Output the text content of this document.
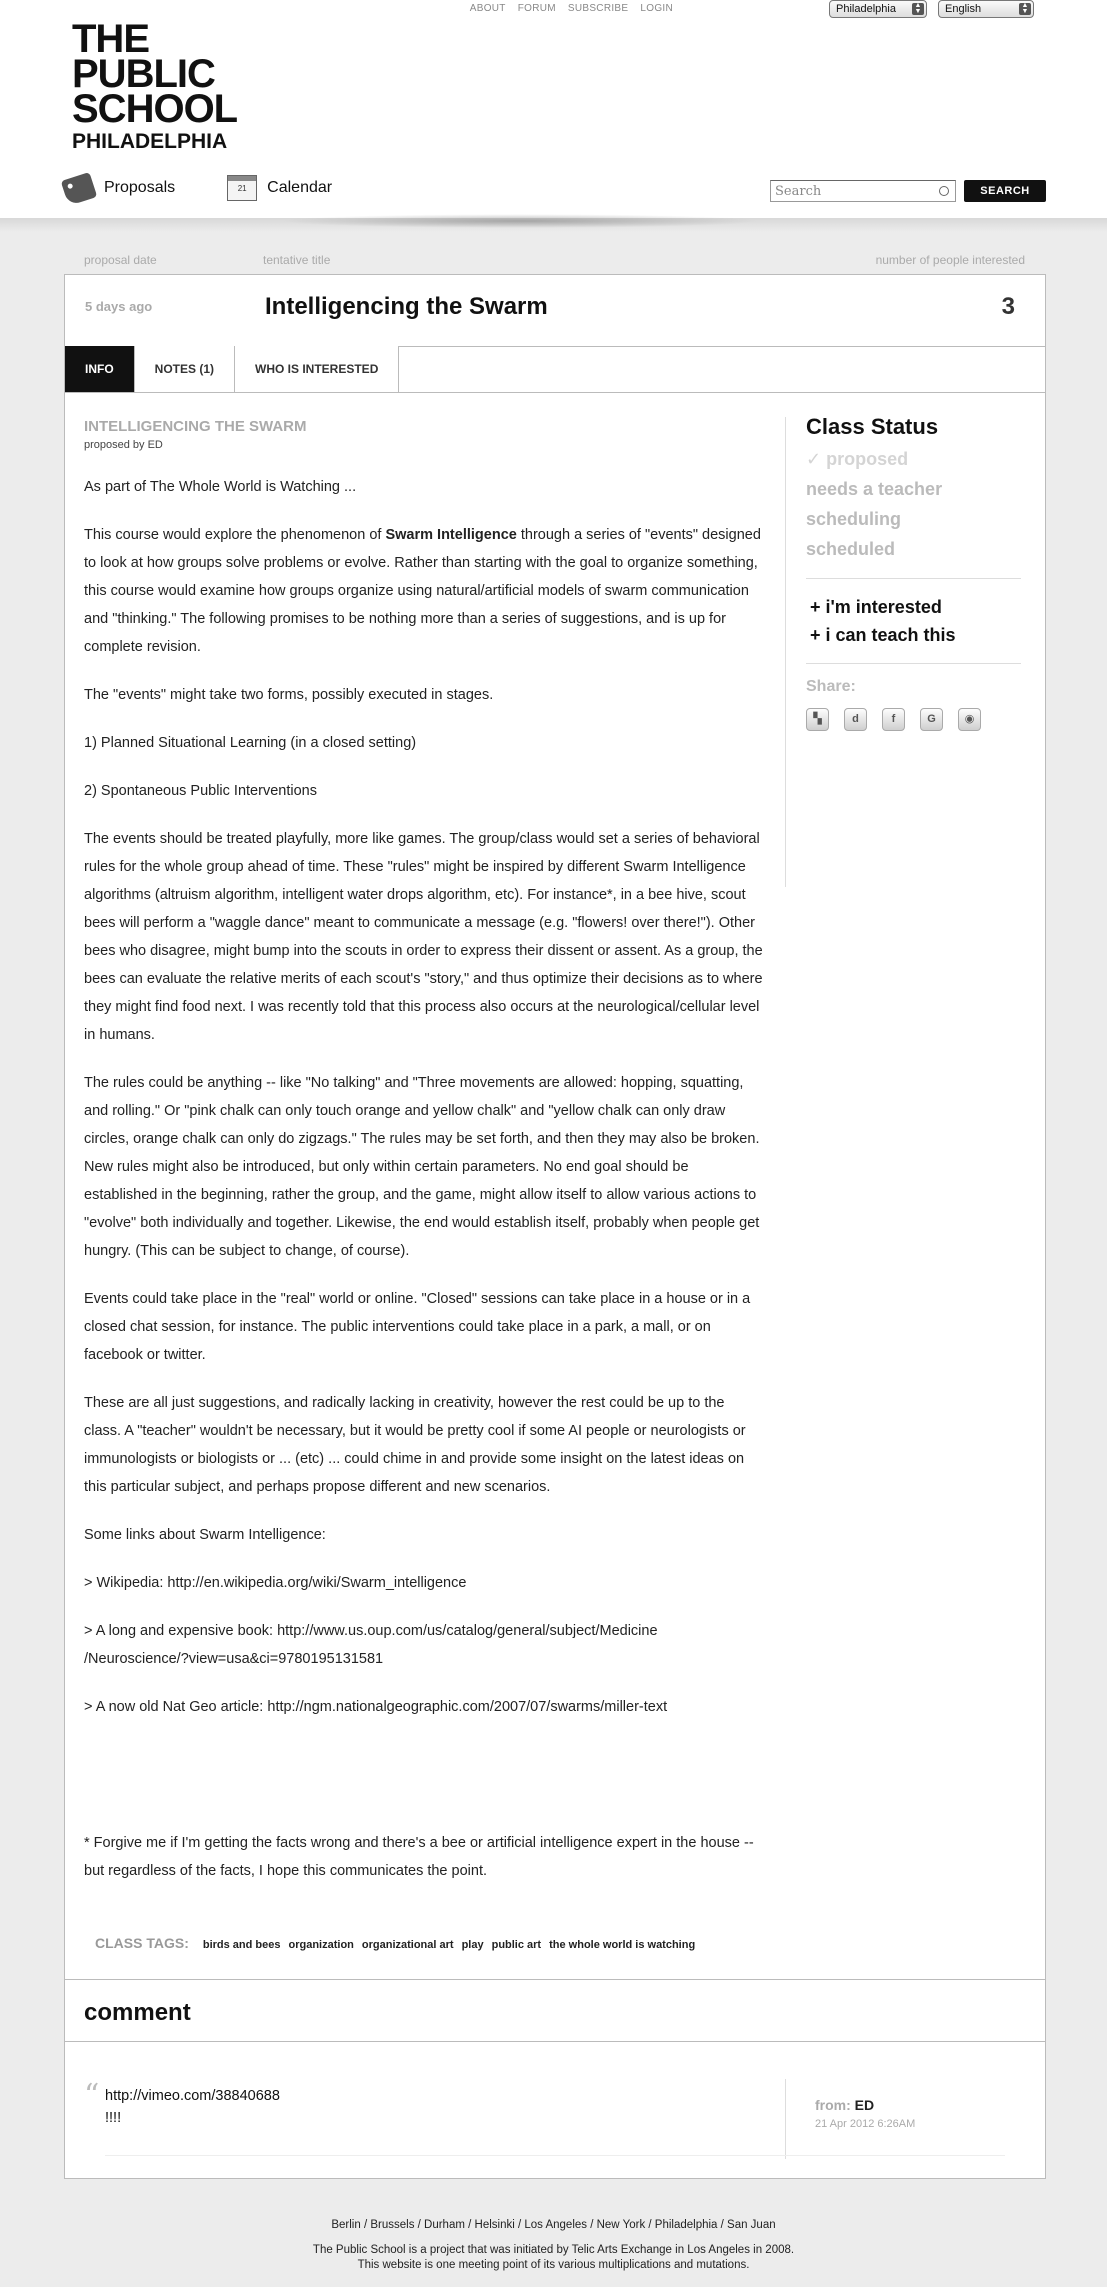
THE
PUBLIC
SCHOOL
PHILADELPHIA
ABOUT FORUM SUBSCRIBE LOGIN	Philadelphia	▲
▼	English	▲
▼
Proposals	21	Calendar	Search	SEARCH
proposal date	tentative title	number of people interested
5 days ago	Intelligencing the Swarm	3
INFO	NOTES (1)	WHO IS INTERESTED
INTELLIGENCING THE SWARM
proposed by ED

As part of The Whole World is Watching ...

This course would explore the phenomenon of Swarm Intelligence through a series of "events" designed to look at how groups solve problems or evolve. Rather than starting with the goal to organize something, this course would examine how groups organize using natural/artificial models of swarm communication and "thinking." The following promises to be nothing more than a series of suggestions, and is up for complete revision.

The "events" might take two forms, possibly executed in stages.

1) Planned Situational Learning (in a closed setting)

2) Spontaneous Public Interventions

The events should be treated playfully, more like games. The group/class would set a series of behavioral rules for the whole group ahead of time. These "rules" might be inspired by different Swarm Intelligence algorithms (altruism algorithm, intelligent water drops algorithm, etc). For instance*, in a bee hive, scout bees will perform a "waggle dance" meant to communicate a message (e.g. "flowers! over there!"). Other bees who disagree, might bump into the scouts in order to express their dissent or assent. As a group, the bees can evaluate the relative merits of each scout's "story," and thus optimize their decisions as to where they might find food next. I was recently told that this process also occurs at the neurological/cellular level in humans.

The rules could be anything -- like "No talking" and "Three movements are allowed: hopping, squatting, and rolling." Or "pink chalk can only touch orange and yellow chalk" and "yellow chalk can only draw circles, orange chalk can only do zigzags." The rules may be set forth, and then they may also be broken. New rules might also be introduced, but only within certain parameters. No end goal should be established in the beginning, rather the group, and the game, might allow itself to allow various actions to "evolve" both individually and together. Likewise, the end would establish itself, probably when people get hungry. (This can be subject to change, of course).

Events could take place in the "real" world or online. "Closed" sessions can take place in a house or in a closed chat session, for instance. The public interventions could take place in a park, a mall, or on facebook or twitter.

These are all just suggestions, and radically lacking in creativity, however the rest could be up to the class. A "teacher" wouldn't be necessary, but it would be pretty cool if some AI people or neurologists or immunologists or biologists or ... (etc) ... could chime in and provide some insight on the latest ideas on this particular subject, and perhaps propose different and new scenarios.

Some links about Swarm Intelligence:

> Wikipedia: http://en.wikipedia.org/wiki/Swarm_intelligence

> A long and expensive book: http://www.us.oup.com/us/catalog/general/subject/Medicine
/Neuroscience/?view=usa&ci=9780195131581

> A now old Nat Geo article: http://ngm.nationalgeographic.com/2007/07/swarms/miller-text

* Forgive me if I'm getting the facts wrong and there's a bee or artificial intelligence expert in the house -- but regardless of the facts, I hope this communicates the point.

Class Status
✓ proposed
needs a teacher
scheduling
scheduled
+ i'm interested
+ i can teach this
Share:
▚	d	f	G	◉
CLASS TAGS: birds and bees organization organizational art play public art the whole world is watching
comment
“ http://vimeo.com/38840688
!!!!
from: ED
21 Apr 2012 6:26AM
Berlin / Brussels / Durham / Helsinki / Los Angeles / New York / Philadelphia / San Juan
The Public School is a project that was initiated by Telic Arts Exchange in Los Angeles in 2008.
This website is one meeting point of its various multiplications and mutations.
